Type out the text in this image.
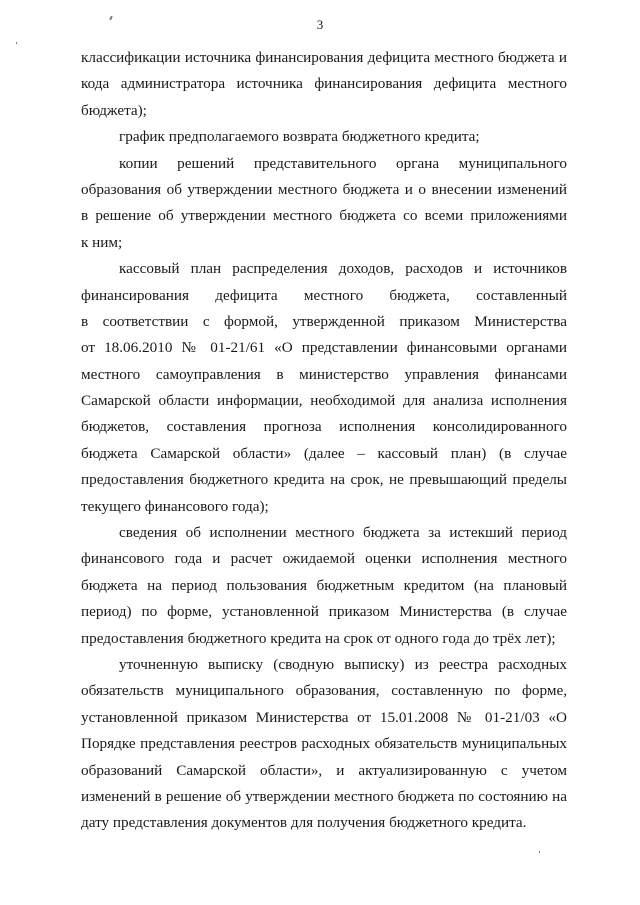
3
классификации источника финансирования дефицита местного бюджета и
кода администратора источника финансирования дефицита местного
бюджета);
график предполагаемого возврата бюджетного кредита;
копии решений представительного органа муниципального
образования об утверждении местного бюджета и о внесении изменений
в решение об утверждении местного бюджета со всеми приложениями
к ним;
кассовый план распределения доходов, расходов и источников
финансирования дефицита местного бюджета, составленный
в соответствии с формой, утвержденной приказом Министерства
от 18.06.2010 № 01-21/61 «О представлении финансовыми органами
местного самоуправления в министерство управления финансами
Самарской области информации, необходимой для анализа исполнения
бюджетов, составления прогноза исполнения консолидированного
бюджета Самарской области» (далее – кассовый план) (в случае
предоставления бюджетного кредита на срок, не превышающий пределы
текущего финансового года);
сведения об исполнении местного бюджета за истекший период
финансового года и расчет ожидаемой оценки исполнения местного
бюджета на период пользования бюджетным кредитом (на плановый
период) по форме, установленной приказом Министерства (в случае
предоставления бюджетного кредита на срок от одного года до трёх лет);
уточненную выписку (сводную выписку) из реестра расходных
обязательств муниципального образования, составленную по форме,
установленной приказом Министерства от 15.01.2008 № 01-21/03 «О
Порядке представления реестров расходных обязательств муниципальных
образований Самарской области», и актуализированную с учетом
изменений в решение об утверждении местного бюджета по состоянию на
дату представления документов для получения бюджетного кредита.
